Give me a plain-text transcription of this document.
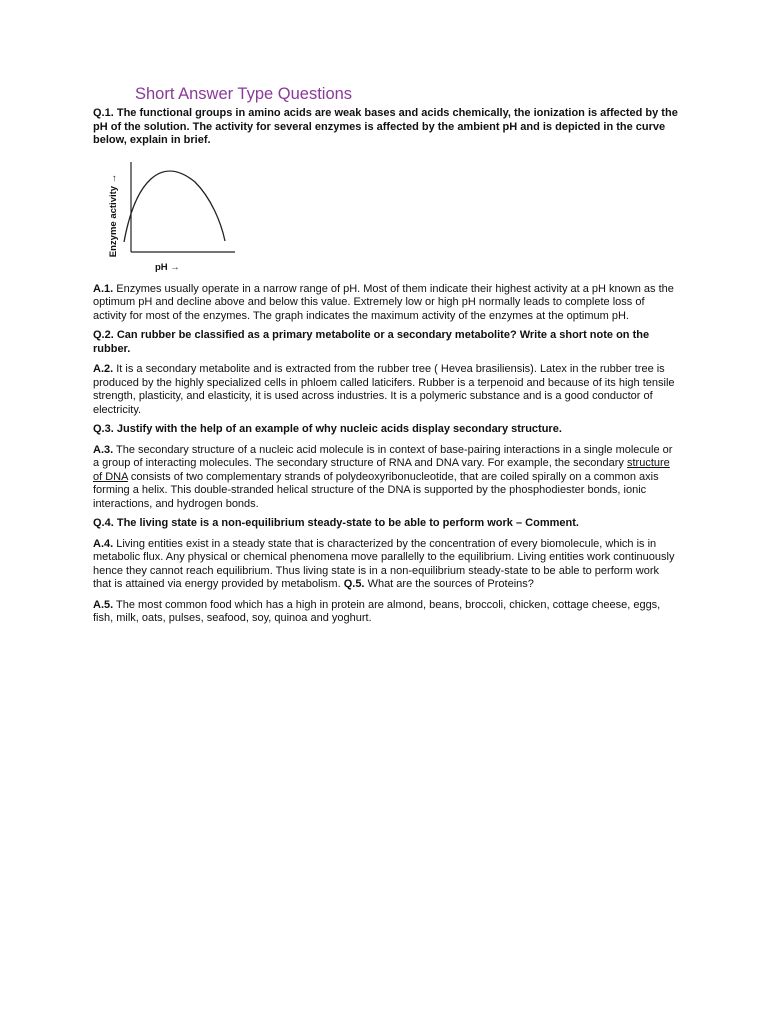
Short Answer Type Questions

Q.1. The functional groups in amino acids are weak bases and acids chemically, the ionization is affected by the pH of the solution. The activity for several enzymes is affected by the ambient pH and is depicted in the curve below, explain in brief.

Enzyme activity →
pH →

A.1. Enzymes usually operate in a narrow range of pH. Most of them indicate their highest activity at a pH known as the optimum pH and decline above and below this value. Extremely low or high pH normally leads to complete loss of activity for most of the enzymes. The graph indicates the maximum activity of the enzymes at the optimum pH.

Q.2. Can rubber be classified as a primary metabolite or a secondary metabolite? Write a short note on the rubber.

A.2. It is a secondary metabolite and is extracted from the rubber tree ( Hevea brasiliensis). Latex in the rubber tree is produced by the highly specialized cells in phloem called laticifers. Rubber is a terpenoid and because of its high tensile strength, plasticity, and elasticity, it is used across industries. It is a polymeric substance and is a good conductor of electricity.

Q.3. Justify with the help of an example of why nucleic acids display secondary structure.

A.3. The secondary structure of a nucleic acid molecule is in context of base-pairing interactions in a single molecule or a group of interacting molecules. The secondary structure of RNA and DNA vary. For example, the secondary structure of DNA consists of two complementary strands of polydeoxyribonucleotide, that are coiled spirally on a common axis forming a helix. This double-stranded helical structure of the DNA is supported by the phosphodiester bonds, ionic interactions, and hydrogen bonds.

Q.4. The living state is a non-equilibrium steady-state to be able to perform work – Comment.

A.4. Living entities exist in a steady state that is characterized by the concentration of every biomolecule, which is in metabolic flux. Any physical or chemical phenomena move parallelly to the equilibrium. Living entities work continuously hence they cannot reach equilibrium. Thus living state is in a non-equilibrium steady-state to be able to perform work that is attained via energy provided by metabolism. Q.5. What are the sources of Proteins?

A.5. The most common food which has a high in protein are almond, beans, broccoli, chicken, cottage cheese, eggs, fish, milk, oats, pulses, seafood, soy, quinoa and yoghurt.
